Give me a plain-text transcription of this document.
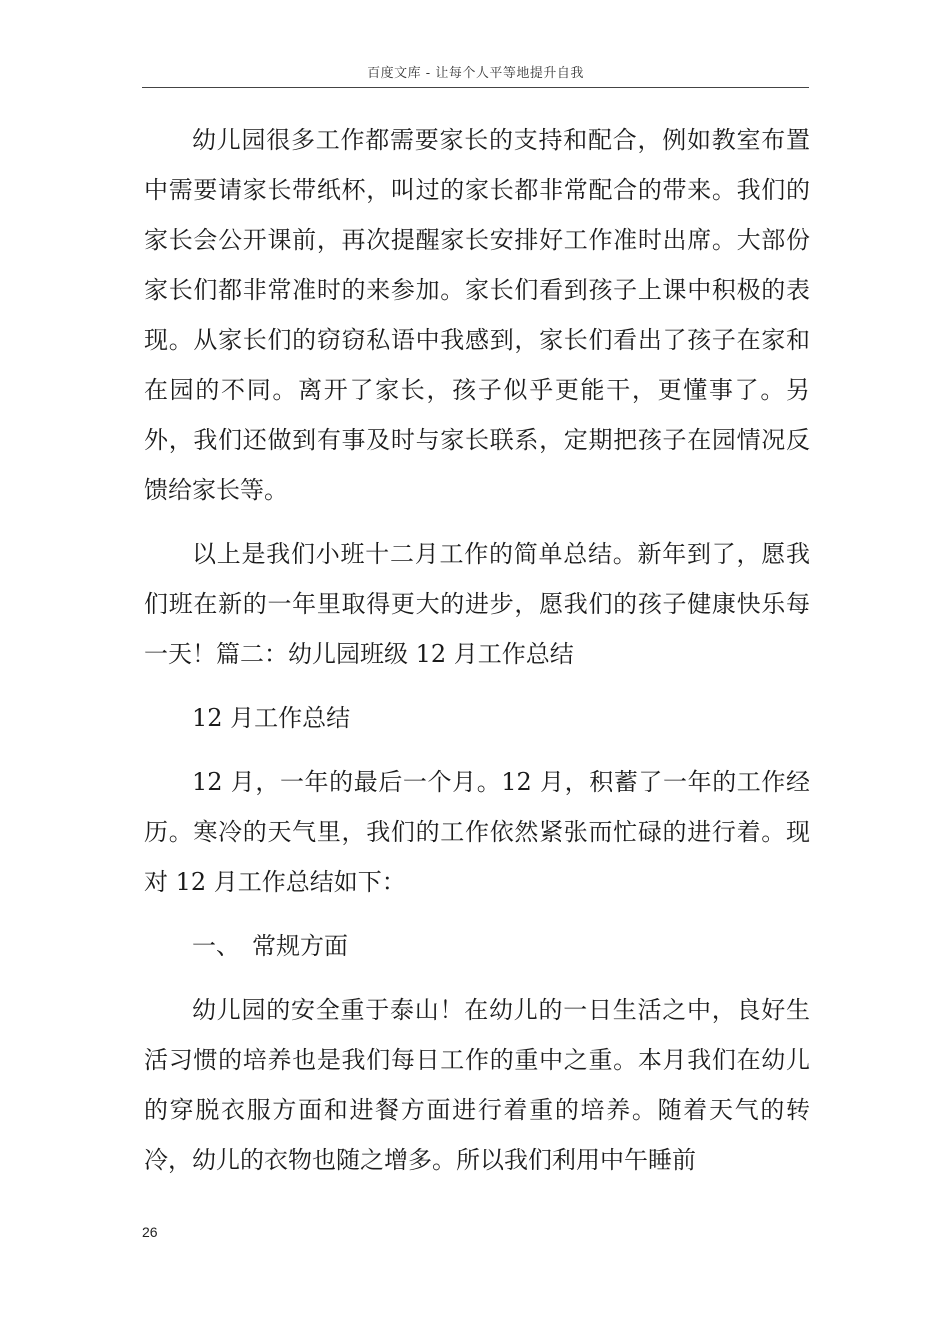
百度文库 - 让每个人平等地提升自我

幼儿园很多工作都需要家长的支持和配合，例如教室布置中需要请家长带纸杯，叫过的家长都非常配合的带来。我们的家长会公开课前，再次提醒家长安排好工作准时出席。大部份家长们都非常准时的来参加。家长们看到孩子上课中积极的表现。从家长们的窃窃私语中我感到，家长们看出了孩子在家和在园的不同。离开了家长，孩子似乎更能干，更懂事了。另外，我们还做到有事及时与家长联系，定期把孩子在园情况反馈给家长等。

以上是我们小班十二月工作的简单总结。新年到了，愿我们班在新的一年里取得更大的进步，愿我们的孩子健康快乐每一天！篇二：幼儿园班级 12 月工作总结

12 月工作总结

12 月，一年的最后一个月。12 月，积蓄了一年的工作经历。寒冷的天气里，我们的工作依然紧张而忙碌的进行着。现对 12 月工作总结如下：

一、　常规方面

幼儿园的安全重于泰山！在幼儿的一日生活之中，良好生活习惯的培养也是我们每日工作的重中之重。本月我们在幼儿的穿脱衣服方面和进餐方面进行着重的培养。随着天气的转冷，幼儿的衣物也随之增多。所以我们利用中午睡前

26
